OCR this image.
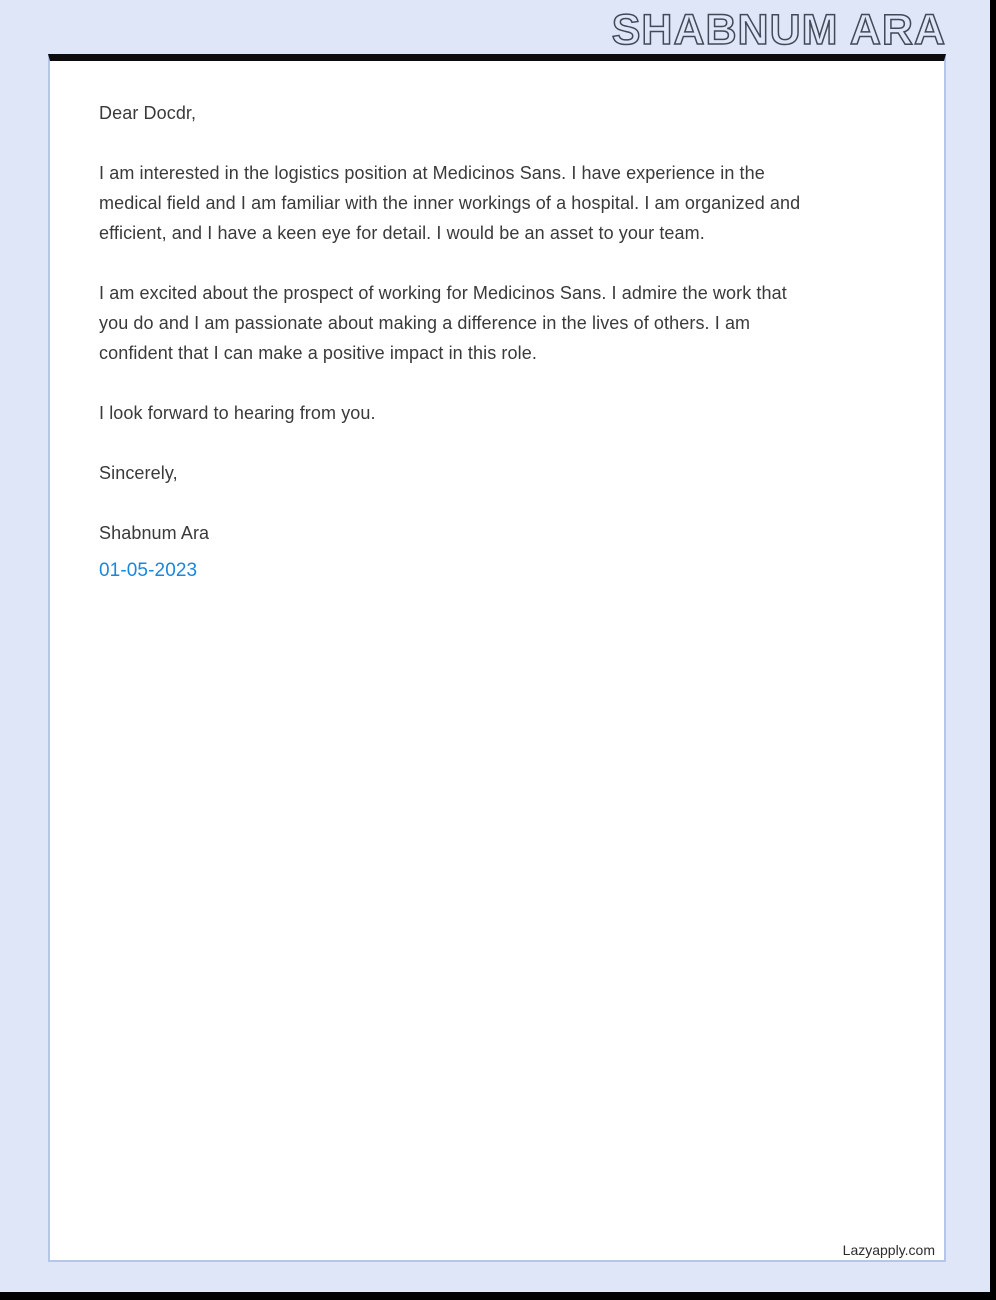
SHABNUM ARA
Dear Docdr,
I am interested in the logistics position at Medicinos Sans. I have experience in the
medical field and I am familiar with the inner workings of a hospital. I am organized and
efficient, and I have a keen eye for detail. I would be an asset to your team.
I am excited about the prospect of working for Medicinos Sans. I admire the work that
you do and I am passionate about making a difference in the lives of others. I am
confident that I can make a positive impact in this role.
I look forward to hearing from you.
Sincerely,
Shabnum Ara
01-05-2023
Lazyapply.com
